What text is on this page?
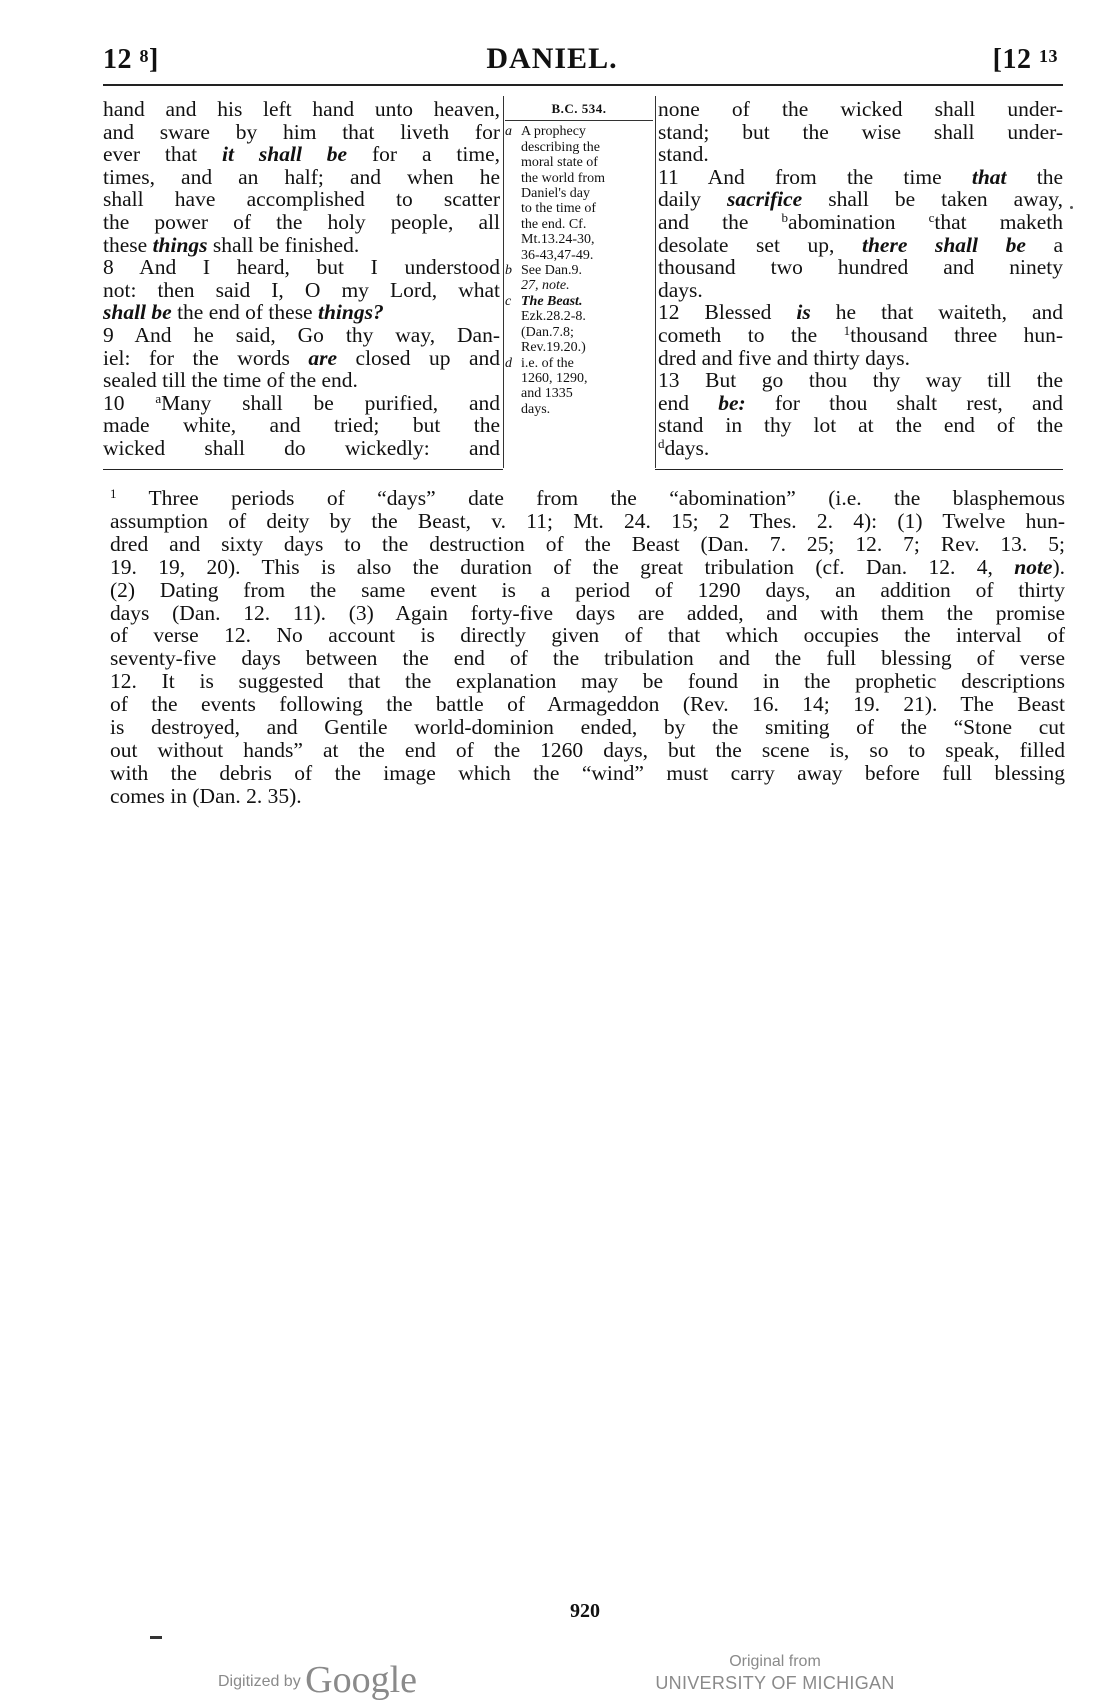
12 $^8$]	DANIEL.	[12 $^{13}$
hand and his left hand unto heaven,
and sware by him that liveth for
ever that it shall be for a time,
times, and an half; and when he
shall have accomplished to scatter
the power of the holy people, all
these things shall be finished.
8 And I heard, but I understood
not: then said I, O my Lord, what
shall be the end of these things?
9 And he said, Go thy way, Dan-
iel: for the words are closed up and
sealed till the time of the end.
10 $^a$Many shall be purified, and
made white, and tried; but the
wicked shall do wickedly: and
B.C. 534.
a A prophecy
describing the
moral state of
the world from
Daniel's day
to the time of
the end. Cf.
Mt.13.24-30,
36-43,47-49.
b See Dan.9.
27, note.
c The Beast.
Ezk.28.2-8.
(Dan.7.8;
Rev.19.20.)
d i.e. of the
1260, 1290,
and 1335
days.
none of the wicked shall under-
stand; but the wise shall under-
stand.
11 And from the time that the
daily sacrifice shall be taken away,
and the	$^b$abomination	$^c$that maketh
desolate set up, there shall be a
thousand two hundred and ninety
days.
12 Blessed is he that waiteth, and
cometh to the $^1$thousand three hun-
dred and five and thirty days.
13 But go thou thy way till the
end be: for thou shalt rest, and
stand in thy lot at the end of the
$^d$days.
$^1$ Three periods of “days” date from the “abomination” (i.e. the blasphemous
assumption of deity by the Beast, v. 11; Mt. 24. 15; 2 Thes. 2. 4): (1) Twelve hun-
dred and sixty days to the destruction of the Beast (Dan. 7. 25; 12. 7; Rev. 13. 5;
19. 19, 20). This is also the duration of the great tribulation (cf. Dan. 12. 4, note).
(2) Dating from the same event is a period of 1290 days, an addition of thirty
days (Dan. 12. 11). (3) Again forty-five days are added, and with them the promise
of verse 12. No account is directly given of that which occupies the interval of
seventy-five days between the end of the tribulation and the full blessing of verse
12. It is suggested that the explanation may be found in the prophetic descriptions
of the events following the battle of Armageddon (Rev. 16. 14; 19. 21). The Beast
is destroyed, and Gentile world-dominion ended, by the smiting of the “Stone cut
out without hands” at the end of the 1260 days, but the scene is, so to speak, filled
with the debris of the image which the “wind” must carry away before full blessing
comes in (Dan. 2. 35).
920
Digitized by Google	Original from
UNIVERSITY OF MICHIGAN
